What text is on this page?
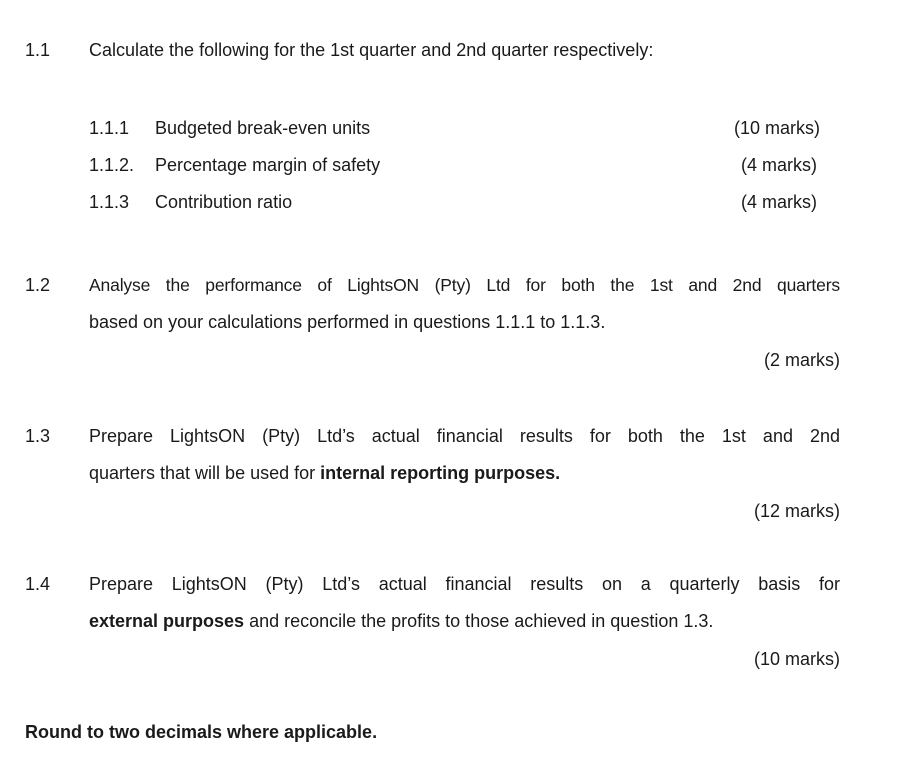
1.1 Calculate the following for the 1st quarter and 2nd quarter respectively:
1.1.1 Budgeted break-even units	(10 marks)
1.1.2. Percentage margin of safety	(4 marks)
1.1.3 Contribution ratio	(4 marks)
1.2 Analyse the performance of LightsON (Pty) Ltd for both the 1st and 2nd quarters
based on your calculations performed in questions 1.1.1 to 1.1.3.
(2 marks)
1.3 Prepare LightsON (Pty) Ltd’s actual financial results for both the 1st and 2nd
quarters that will be used for internal reporting purposes.
(12 marks)
1.4 Prepare LightsON (Pty) Ltd’s actual financial results on a quarterly basis for
external purposes and reconcile the profits to those achieved in question 1.3.
(10 marks)
Round to two decimals where applicable.
